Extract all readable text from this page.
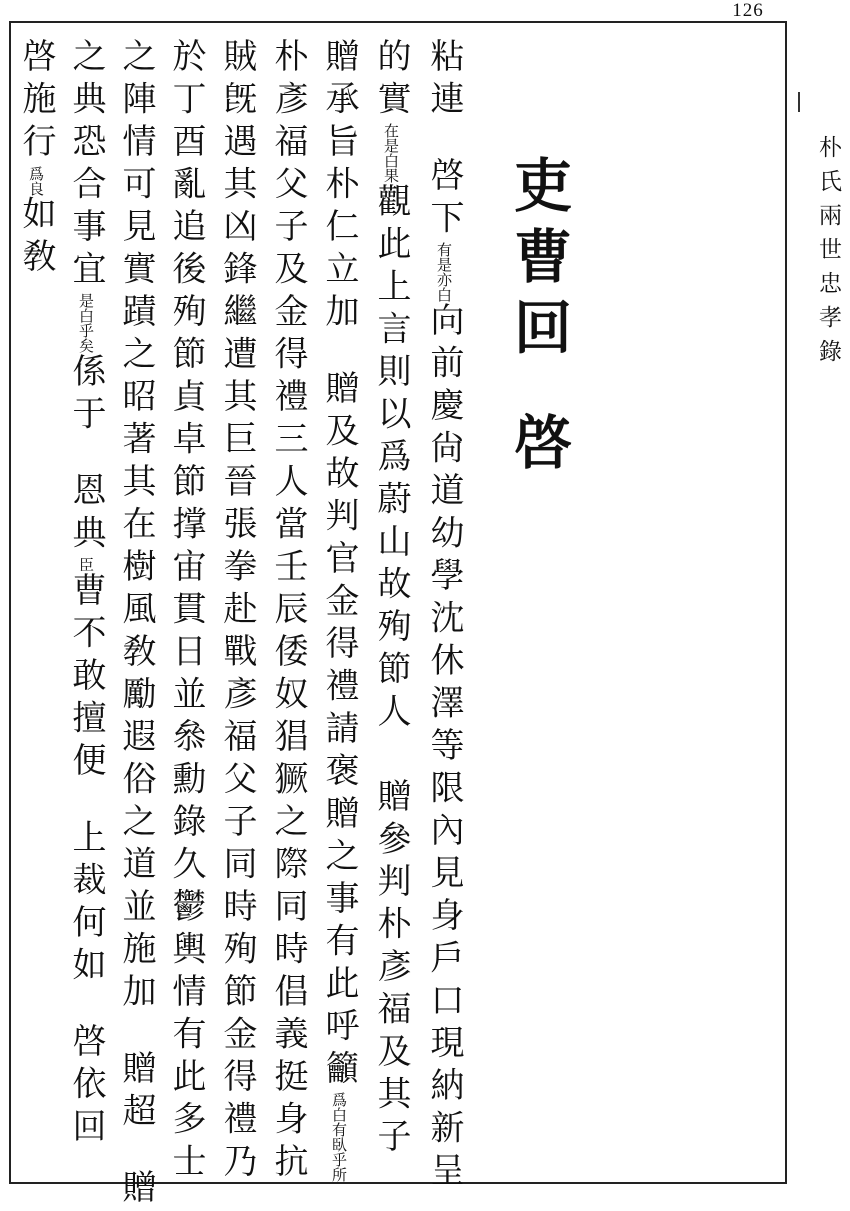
126
朴氏兩世忠孝錄
吏曹回啓
粘連啓下有是亦白向前慶尙道幼學沈休澤等限內見身戶口現納新呈
的實在是白果觀此上言則以爲蔚山故殉節人贈參判朴彥福及其子
贈承旨朴仁立加贈及故判官金得禮請褒贈之事有此呼籲爲白有臥乎所
朴彥福父子及金得禮三人當壬辰倭奴猖獗之際同時倡義挺身抗
賊旣遇其凶鋒繼遭其巨晉張拳赴戰彥福父子同時殉節金得禮乃
於丁酉亂追後殉節貞卓節撑宙貫日並叅勳錄久鬱輿情有此多士
之陣情可見實蹟之昭著其在樹風敎勵遐俗之道並施加贈超贈
之典恐合事宜是白乎矣係于恩典臣曹不敢擅便上裁何如啓依回
啓施行爲良如敎
